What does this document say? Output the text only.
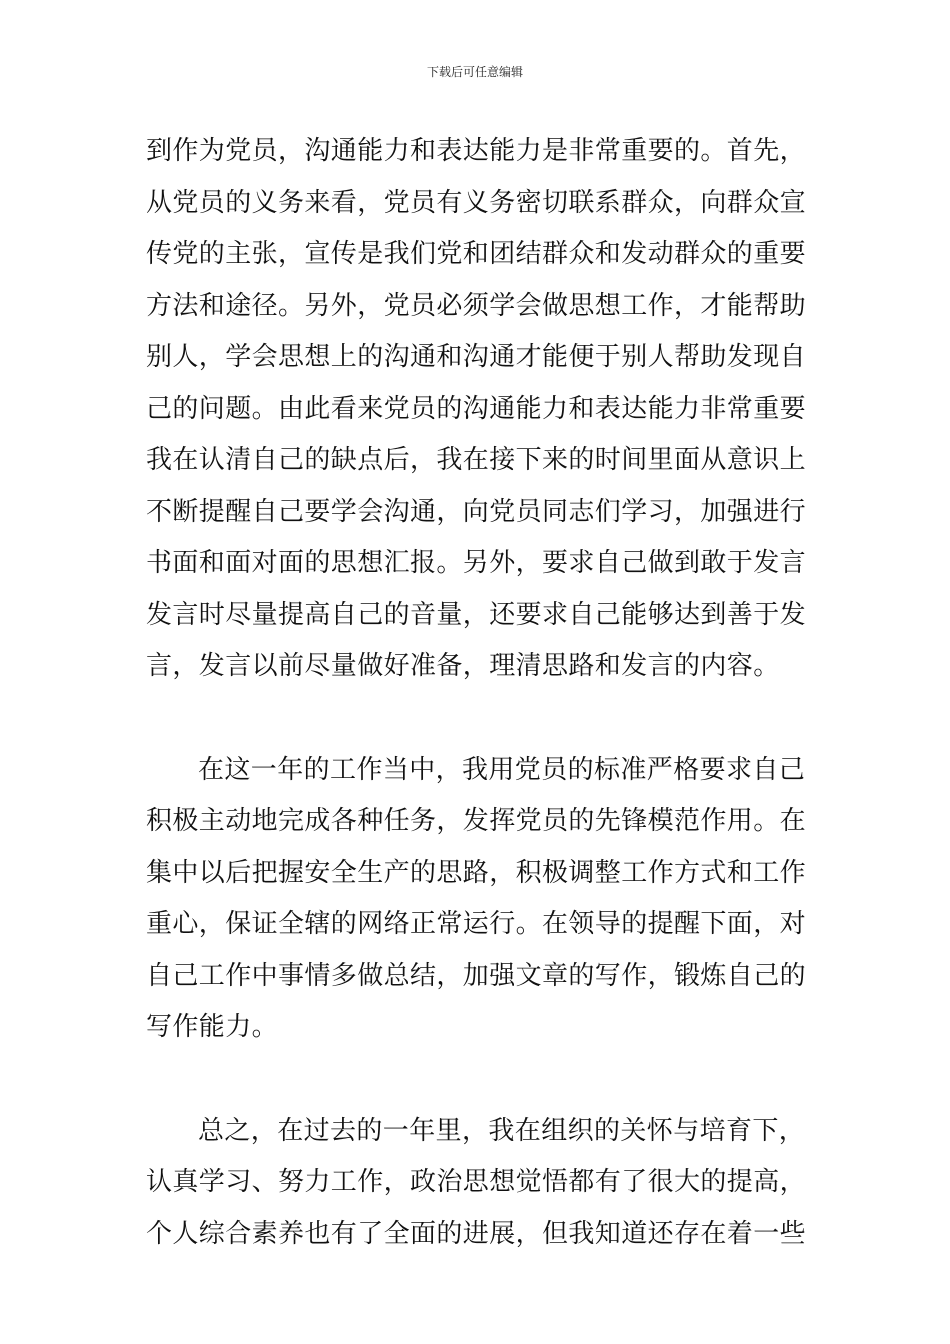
下载后可任意编辑
到作为党员，沟通能力和表达能力是非常重要的。首先，
从党员的义务来看，党员有义务密切联系群众，向群众宣
传党的主张，宣传是我们党和团结群众和发动群众的重要
方法和途径。另外，党员必须学会做思想工作，才能帮助
别人，学会思想上的沟通和沟通才能便于别人帮助发现自
己的问题。由此看来党员的沟通能力和表达能力非常重要
我在认清自己的缺点后，我在接下来的时间里面从意识上
不断提醒自己要学会沟通，向党员同志们学习，加强进行
书面和面对面的思想汇报。另外，要求自己做到敢于发言
发言时尽量提高自己的音量，还要求自己能够达到善于发
言，发言以前尽量做好准备，理清思路和发言的内容。
在这一年的工作当中，我用党员的标准严格要求自己
积极主动地完成各种任务，发挥党员的先锋模范作用。在
集中以后把握安全生产的思路，积极调整工作方式和工作
重心，保证全辖的网络正常运行。在领导的提醒下面，对
自己工作中事情多做总结，加强文章的写作，锻炼自己的
写作能力。
总之，在过去的一年里，我在组织的关怀与培育下，
认真学习、努力工作，政治思想觉悟都有了很大的提高，
个人综合素养也有了全面的进展，但我知道还存在着一些
